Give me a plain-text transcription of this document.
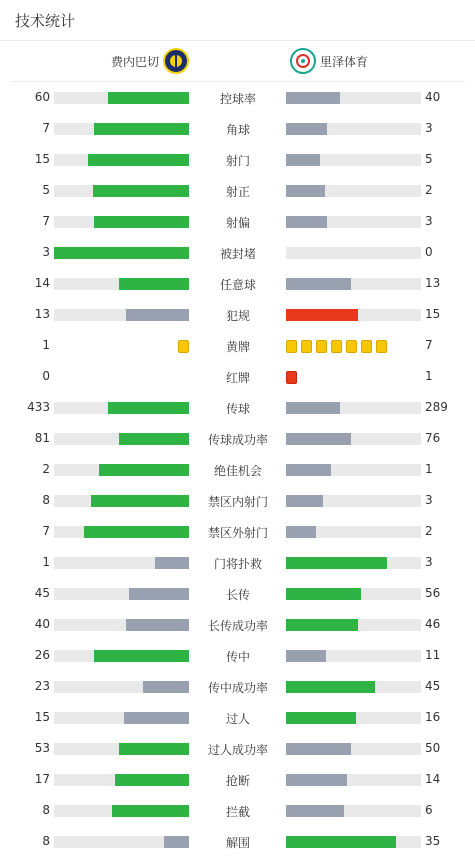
技术统计
费内巴切	里泽体育
60	控球率	40
7	角球	3
15	射门	5
5	射正	2
7	射偏	3
3	被封堵	0
14	任意球	13
13	犯规	15
1	黄牌	7
0	红牌	1
433	传球	289
81	传球成功率	76
2	绝佳机会	1
8	禁区内射门	3
7	禁区外射门	2
1	门将扑救	3
45	长传	56
40	长传成功率	46
26	传中	11
23	传中成功率	45
15	过人	16
53	过人成功率	50
17	抢断	14
8	拦截	6
8	解围	35
